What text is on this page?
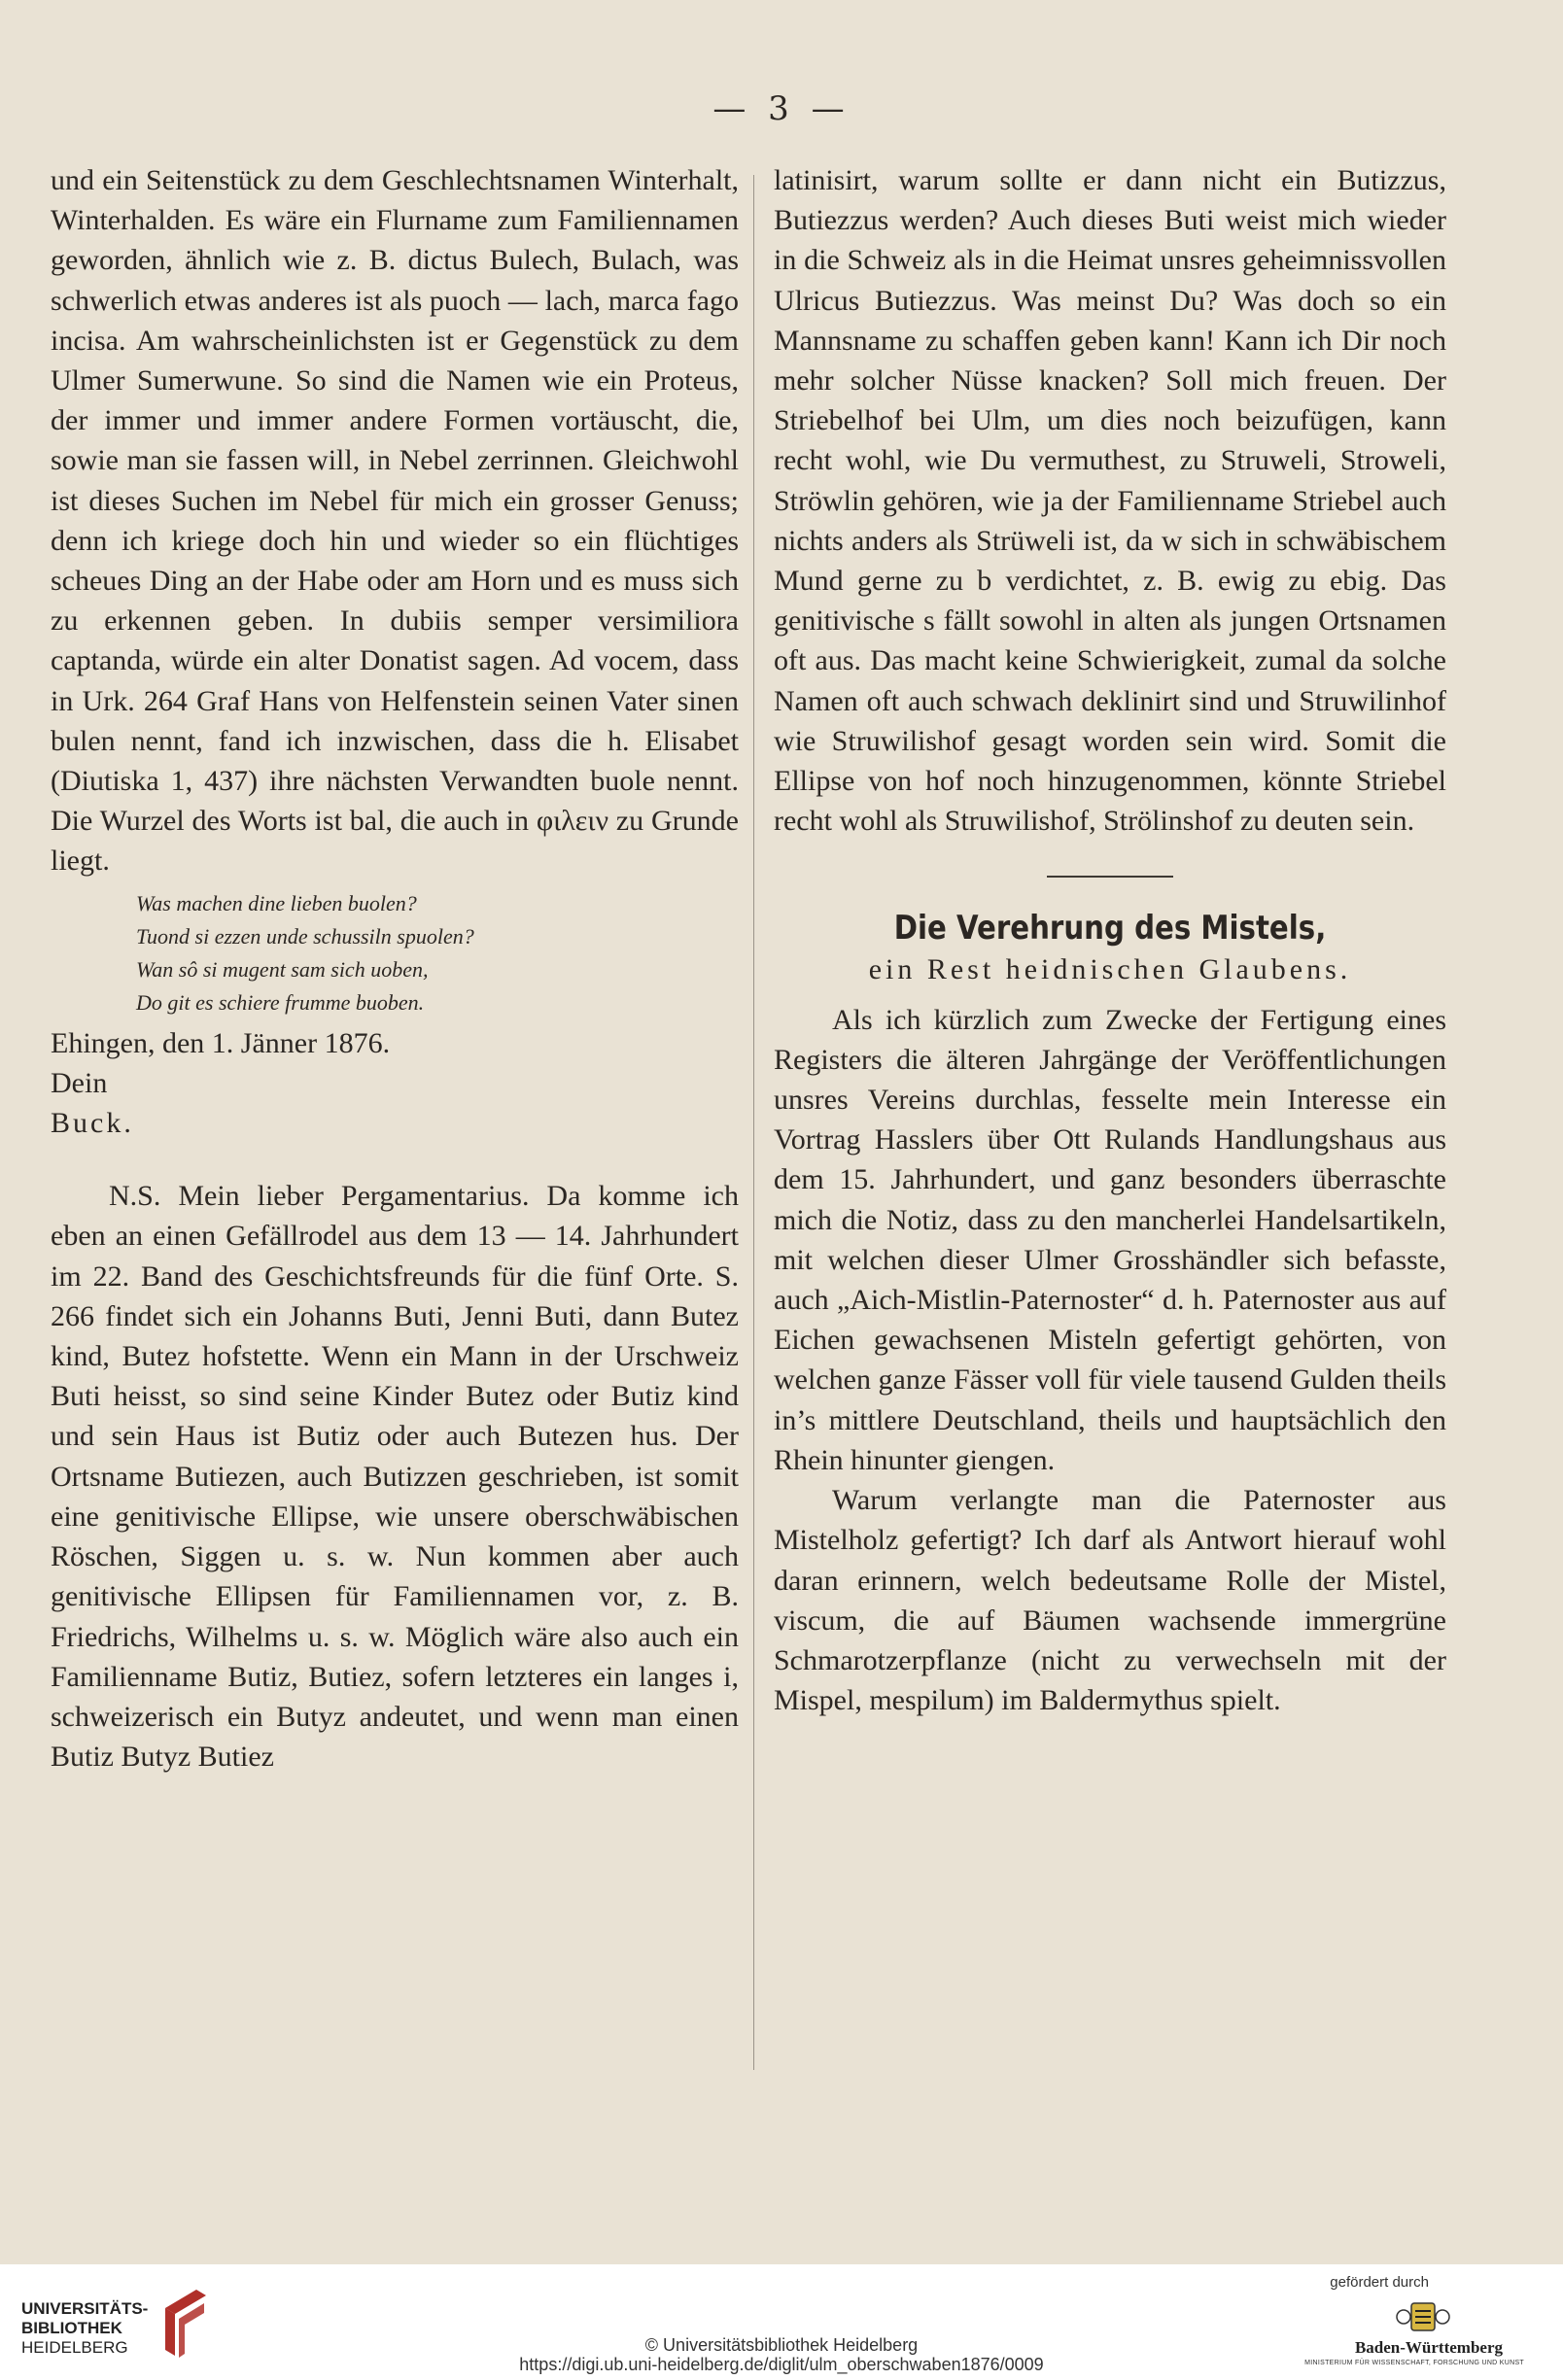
— 3 —

und ein Seitenstück zu dem Geschlechtsnamen Winterhalt, Winterhalden. Es wäre ein Flurname zum Familiennamen geworden, ähnlich wie z. B. dictus Bulech, Bulach, was schwerlich etwas anderes ist als puoch — lach, marca fago incisa. Am wahrscheinlichsten ist er Gegenstück zu dem Ulmer Sumerwune. So sind die Namen wie ein Proteus, der immer und immer andere Formen vortäuscht, die, sowie man sie fassen will, in Nebel zerrinnen. Gleichwohl ist dieses Suchen im Nebel für mich ein grosser Genuss; denn ich kriege doch hin und wieder so ein flüchtiges scheues Ding an der Habe oder am Horn und es muss sich zu erkennen geben. In dubiis semper versimiliora captanda, würde ein alter Donatist sagen. Ad vocem, dass in Urk. 264 Graf Hans von Helfenstein seinen Vater sinen bulen nennt, fand ich inzwischen, dass die h. Elisabet (Diutiska 1, 437) ihre nächsten Verwandten buole nennt. Die Wurzel des Worts ist bal, die auch in φιλειν zu Grunde liegt.

Was machen dine lieben buolen?
Tuond si ezzen unde schussiln spuolen?
Wan sô si mugent sam sich uoben,
Do git es schiere frumme buoben.

Ehingen, den 1. Jänner 1876.

Dein

Buck.

N.S. Mein lieber Pergamentarius. Da komme ich eben an einen Gefällrodel aus dem 13 — 14. Jahrhundert im 22. Band des Geschichtsfreunds für die fünf Orte. S. 266 findet sich ein Johanns Buti, Jenni Buti, dann Butez kind, Butez hofstette. Wenn ein Mann in der Urschweiz Buti heisst, so sind seine Kinder Butez oder Butiz kind und sein Haus ist Butiz oder auch Butezen hus. Der Ortsname Butiezen, auch Butizzen geschrieben, ist somit eine genitivische Ellipse, wie unsere oberschwäbischen Röschen, Siggen u. s. w. Nun kommen aber auch genitivische Ellipsen für Familiennamen vor, z. B. Friedrichs, Wilhelms u. s. w. Möglich wäre also auch ein Familienname Butiz, Butiez, sofern letzteres ein langes i, schweizerisch ein Butyz andeutet, und wenn man einen Butiz Butyz Butiez

latinisirt, warum sollte er dann nicht ein Butizzus, Butiezzus werden? Auch dieses Buti weist mich wieder in die Schweiz als in die Heimat unsres geheimnissvollen Ulricus Butiezzus. Was meinst Du? Was doch so ein Mannsname zu schaffen geben kann! Kann ich Dir noch mehr solcher Nüsse knacken? Soll mich freuen. Der Striebelhof bei Ulm, um dies noch beizufügen, kann recht wohl, wie Du vermuthest, zu Struweli, Stroweli, Ströwlin gehören, wie ja der Familienname Striebel auch nichts anders als Strüweli ist, da w sich in schwäbischem Mund gerne zu b verdichtet, z. B. ewig zu ebig. Das genitivische s fällt sowohl in alten als jungen Ortsnamen oft aus. Das macht keine Schwierigkeit, zumal da solche Namen oft auch schwach deklinirt sind und Struwilinhof wie Struwilishof gesagt worden sein wird. Somit die Ellipse von hof noch hinzugenommen, könnte Striebel recht wohl als Struwilishof, Strölinshof zu deuten sein.

Die Verehrung des Mistels,
ein Rest heidnischen Glaubens.

Als ich kürzlich zum Zwecke der Fertigung eines Registers die älteren Jahrgänge der Veröffentlichungen unsres Vereins durchlas, fesselte mein Interesse ein Vortrag Hasslers über Ott Rulands Handlungshaus aus dem 15. Jahrhundert, und ganz besonders überraschte mich die Notiz, dass zu den mancherlei Handelsartikeln, mit welchen dieser Ulmer Grosshändler sich befasste, auch „Aich-Mistlin-Paternoster“ d. h. Paternoster aus auf Eichen gewachsenen Misteln gefertigt gehörten, von welchen ganze Fässer voll für viele tausend Gulden theils in’s mittlere Deutschland, theils und hauptsächlich den Rhein hinunter giengen.

Warum verlangte man die Paternoster aus Mistelholz gefertigt? Ich darf als Antwort hierauf wohl daran erinnern, welch bedeutsame Rolle der Mistel, viscum, die auf Bäumen wachsende immergrüne Schmarotzerpflanze (nicht zu verwechseln mit der Mispel, mespilum) im Baldermythus spielt.

UNIVERSITÄTS-
BIBLIOTHEK
HEIDELBERG	© Universitätsbibliothek Heidelberg
https://digi.ub.uni-heidelberg.de/diglit/ulm_oberschwaben1876/0009
gefördert durch
Baden-Württemberg
MINISTERIUM FÜR WISSENSCHAFT, FORSCHUNG UND KUNST
